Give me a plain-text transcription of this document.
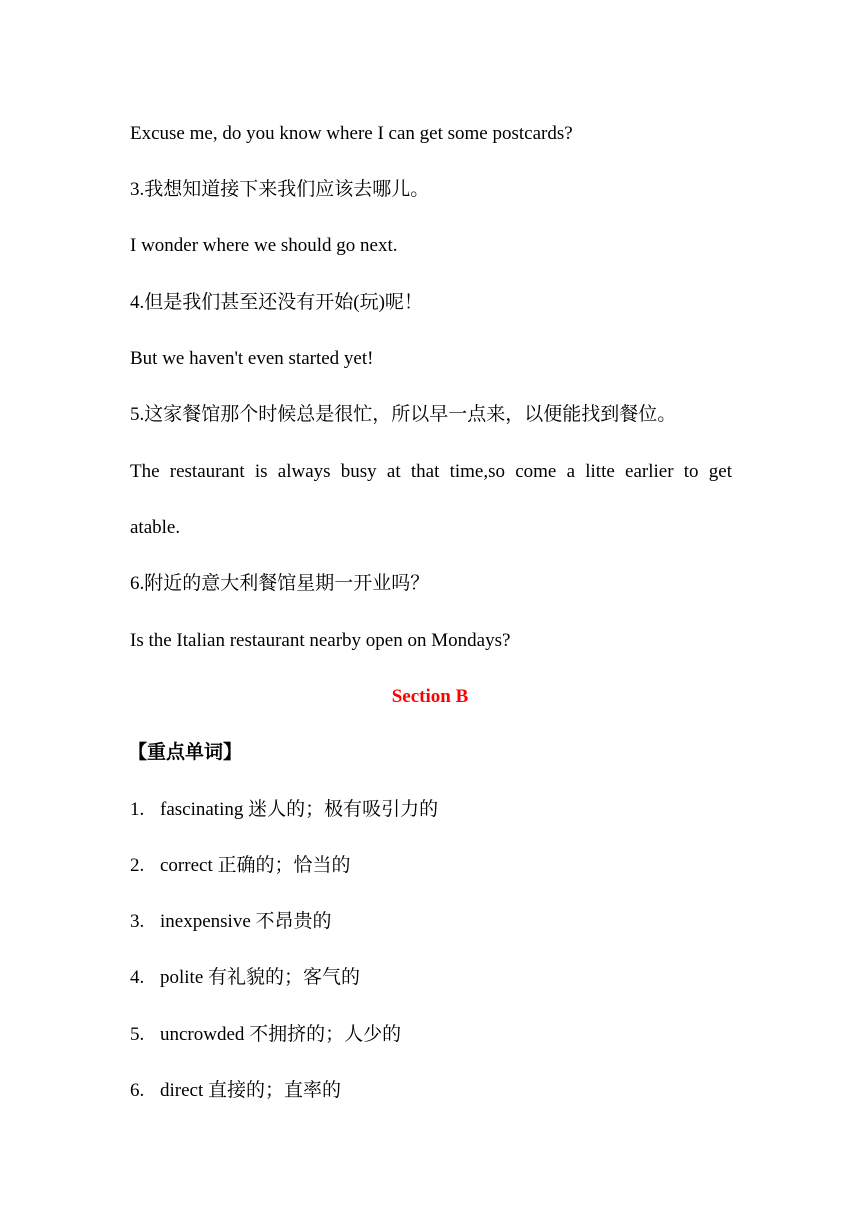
Excuse me, do you know where I can get some postcards?
3.我想知道接下来我们应该去哪儿。
I wonder where we should go next.
4.但是我们甚至还没有开始(玩)呢！
But we haven't even started yet!
5.这家餐馆那个时候总是很忙，所以早一点来，以便能找到餐位。
The restaurant is always busy at that time,so come a litte earlier to get
atable.
6.附近的意大利餐馆星期一开业吗？
Is the Italian restaurant nearby open on Mondays?
Section B
【重点单词】
1. fascinating 迷人的；极有吸引力的
2. correct 正确的；恰当的
3. inexpensive 不昂贵的
4. polite 有礼貌的；客气的
5. uncrowded 不拥挤的；人少的
6. direct 直接的；直率的
